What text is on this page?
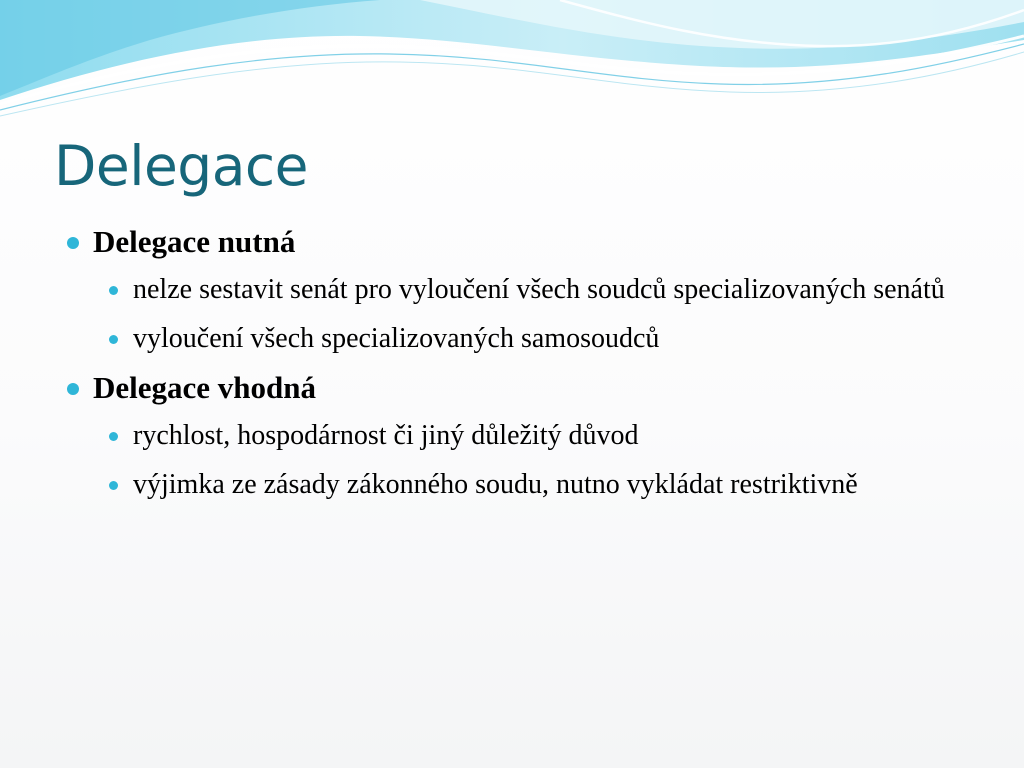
Delegace
Delegace nutná
nelze sestavit senát pro vyloučení všech soudců specializovaných senátů
vyloučení všech specializovaných samosoudců
Delegace vhodná
rychlost, hospodárnost či jiný důležitý důvod
výjimka ze zásady zákonného soudu, nutno vykládat restriktivně
